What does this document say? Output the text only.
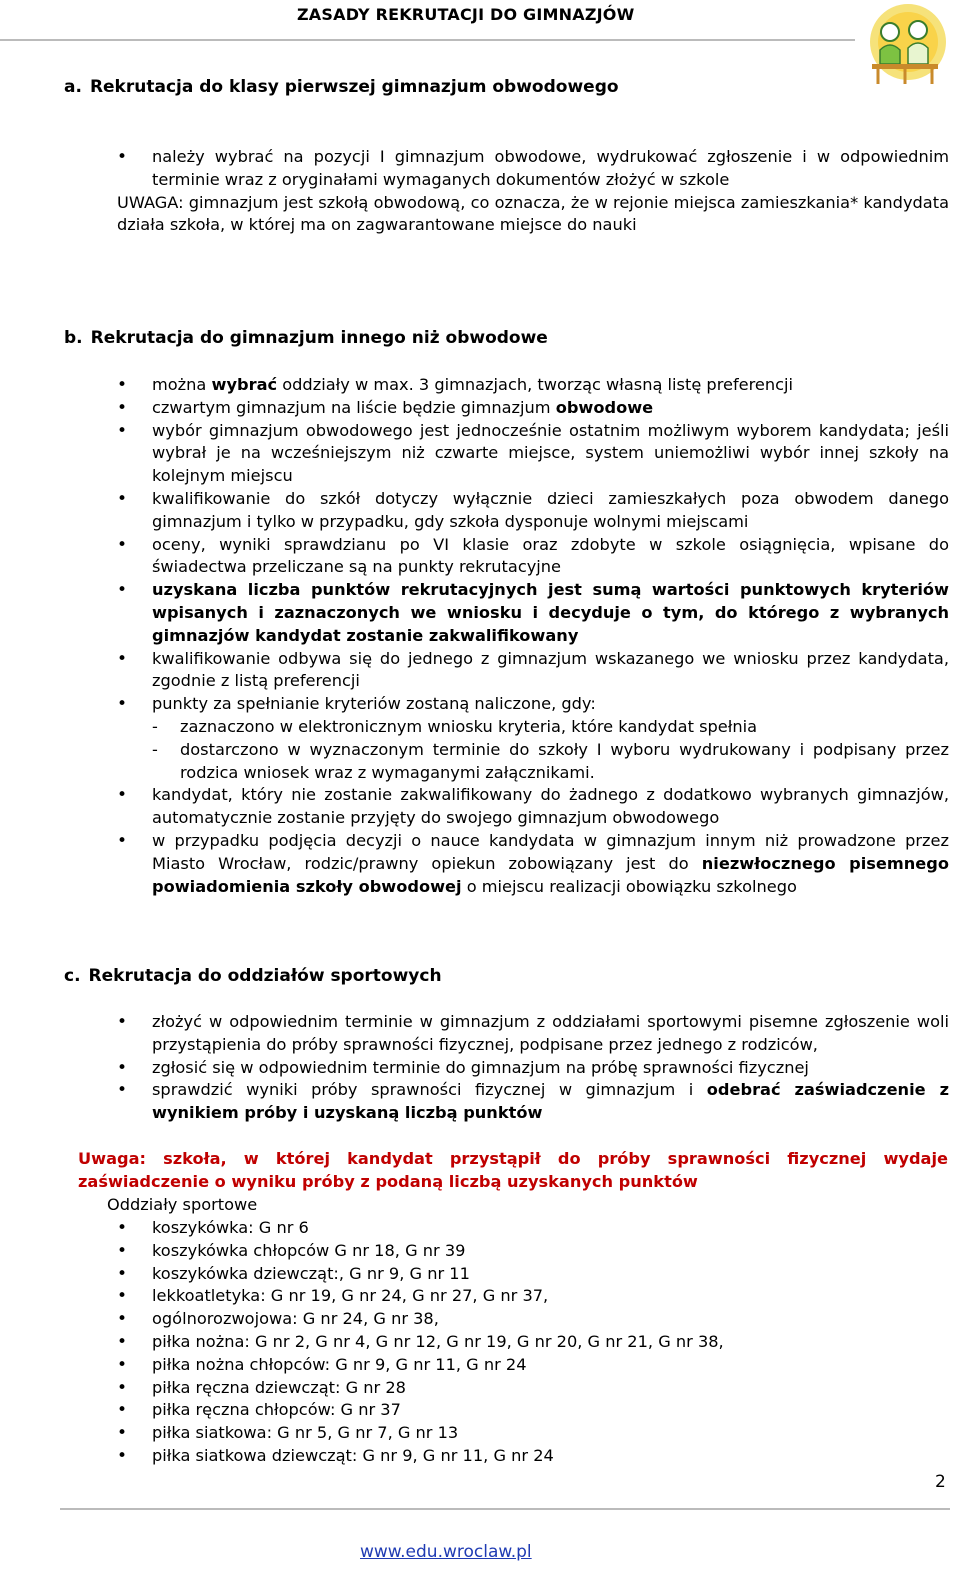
ZASADY REKRUTACJI DO GIMNAZJÓW
a. Rekrutacja do klasy pierwszej gimnazjum obwodowego
• należy wybrać na pozycji I gimnazjum obwodowe, wydrukować zgłoszenie i w odpowiednim terminie wraz z oryginałami wymaganych dokumentów złożyć w szkole
UWAGA: gimnazjum jest szkołą obwodową, co oznacza, że w rejonie miejsca zamieszkania* kandydata działa szkoła, w której ma on zagwarantowane miejsce do nauki
b. Rekrutacja do gimnazjum innego niż obwodowe
• można wybrać oddziały w max. 3 gimnazjach, tworząc własną listę preferencji
• czwartym gimnazjum na liście będzie gimnazjum obwodowe
• wybór gimnazjum obwodowego jest jednocześnie ostatnim możliwym wyborem kandydata; jeśli wybrał je na wcześniejszym niż czwarte miejsce, system uniemożliwi wybór innej szkoły na kolejnym miejscu
• kwalifikowanie do szkół dotyczy wyłącznie dzieci zamieszkałych poza obwodem danego gimnazjum i tylko w przypadku, gdy szkoła dysponuje wolnymi miejscami
• oceny, wyniki sprawdzianu po VI klasie oraz zdobyte w szkole osiągnięcia, wpisane do świadectwa przeliczane są na punkty rekrutacyjne
• uzyskana liczba punktów rekrutacyjnych jest sumą wartości punktowych kryteriów wpisanych i zaznaczonych we wniosku i decyduje o tym, do którego z wybranych gimnazjów kandydat zostanie zakwalifikowany
• kwalifikowanie odbywa się do jednego z gimnazjum wskazanego we wniosku przez kandydata, zgodnie z listą preferencji
• punkty za spełnianie kryteriów zostaną naliczone, gdy:
- zaznaczono w elektronicznym wniosku kryteria, które kandydat spełnia
- dostarczono w wyznaczonym terminie do szkoły I wyboru wydrukowany i podpisany przez rodzica wniosek wraz z wymaganymi załącznikami.
• kandydat, który nie zostanie zakwalifikowany do żadnego z dodatkowo wybranych gimnazjów, automatycznie zostanie przyjęty do swojego gimnazjum obwodowego
• w przypadku podjęcia decyzji o nauce kandydata w gimnazjum innym niż prowadzone przez Miasto Wrocław, rodzic/prawny opiekun zobowiązany jest do niezwłocznego pisemnego powiadomienia szkoły obwodowej o miejscu realizacji obowiązku szkolnego
c. Rekrutacja do oddziałów sportowych
• złożyć w odpowiednim terminie w gimnazjum z oddziałami sportowymi pisemne zgłoszenie woli przystąpienia do próby sprawności fizycznej, podpisane przez jednego z rodziców,
• zgłosić się w odpowiednim terminie do gimnazjum na próbę sprawności fizycznej
• sprawdzić wyniki próby sprawności fizycznej w gimnazjum i odebrać zaświadczenie z wynikiem próby i uzyskaną liczbą punktów
Uwaga: szkoła, w której kandydat przystąpił do próby sprawności fizycznej wydaje zaświadczenie o wyniku próby z podaną liczbą uzyskanych punktów
Oddziały sportowe
• koszykówka: G nr 6
• koszykówka chłopców G nr 18, G nr 39
• koszykówka dziewcząt:, G nr 9, G nr 11
• lekkoatletyka: G nr 19, G nr 24, G nr 27, G nr 37,
• ogólnorozwojowa: G nr 24, G nr 38,
• piłka nożna: G nr 2, G nr 4, G nr 12, G nr 19, G nr 20, G nr 21, G nr 38,
• piłka nożna chłopców: G nr 9, G nr 11, G nr 24
• piłka ręczna dziewcząt: G nr 28
• piłka ręczna chłopców: G nr 37
• piłka siatkowa: G nr 5, G nr 7, G nr 13
• piłka siatkowa dziewcząt: G nr 9, G nr 11, G nr 24
2
www.edu.wroclaw.pl
